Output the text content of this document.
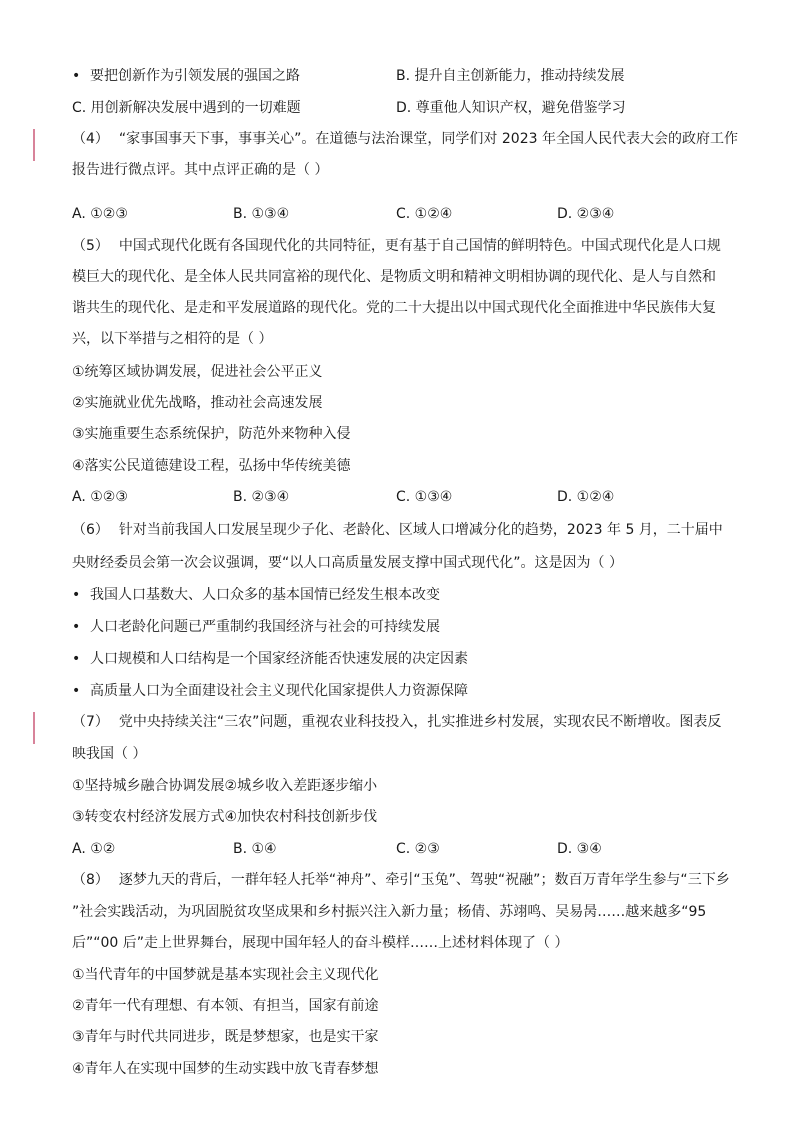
• 要把创新作为引领发展的强国之路	B. 提升自主创新能力，推动持续发展
C. 用创新解决发展中遇到的一切难题	D. 尊重他人知识产权，避免借鉴学习
（4） “家事国事天下事，事事关心”。在道德与法治课堂，同学们对 2023 年全国人民代表大会的政府工作
报告进行微点评。其中点评正确的是（ ）
A. ①②③	B. ①③④	C. ①②④	D. ②③④
（5） 中国式现代化既有各国现代化的共同特征，更有基于自己国情的鲜明特色。中国式现代化是人口规
模巨大的现代化、是全体人民共同富裕的现代化、是物质文明和精神文明相协调的现代化、是人与自然和
谐共生的现代化、是走和平发展道路的现代化。党的二十大提出以中国式现代化全面推进中华民族伟大复
兴，以下举措与之相符的是（ ）
①统筹区域协调发展，促进社会公平正义
②实施就业优先战略，推动社会高速发展
③实施重要生态系统保护，防范外来物种入侵
④落实公民道德建设工程，弘扬中华传统美德
A. ①②③	B. ②③④	C. ①③④	D. ①②④
（6） 针对当前我国人口发展呈现少子化、老龄化、区域人口增减分化的趋势，2023 年 5 月，二十届中
央财经委员会第一次会议强调，要“以人口高质量发展支撑中国式现代化”。这是因为（ ）
• 我国人口基数大、人口众多的基本国情已经发生根本改变
• 人口老龄化问题已严重制约我国经济与社会的可持续发展
• 人口规模和人口结构是一个国家经济能否快速发展的决定因素
• 高质量人口为全面建设社会主义现代化国家提供人力资源保障
（7） 党中央持续关注“三农”问题，重视农业科技投入，扎实推进乡村发展，实现农民不断增收。图表反
映我国（ ）
①坚持城乡融合协调发展②城乡收入差距逐步缩小
③转变农村经济发展方式④加快农村科技创新步伐
A. ①②	B. ①④	C. ②③	D. ③④
（8） 逐梦九天的背后，一群年轻人托举“神舟”、牵引“玉兔”、驾驶“祝融”；数百万青年学生参与“三下乡
”社会实践活动，为巩固脱贫攻坚成果和乡村振兴注入新力量；杨倩、苏翊鸣、吴易昺……越来越多“95
后”“00 后”走上世界舞台，展现中国年轻人的奋斗模样……上述材料体现了（ ）
①当代青年的中国梦就是基本实现社会主义现代化
②青年一代有理想、有本领、有担当，国家有前途
③青年与时代共同进步，既是梦想家，也是实干家
④青年人在实现中国梦的生动实践中放飞青春梦想
